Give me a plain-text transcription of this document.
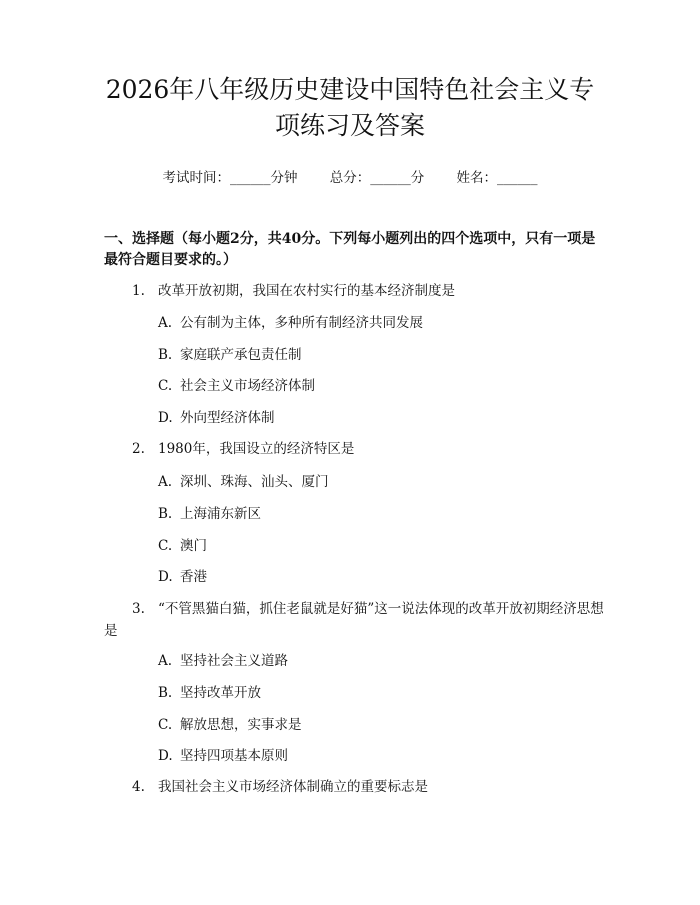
2026年八年级历史建设中国特色社会主义专
项练习及答案
考试时间：______分钟 总分：______分 姓名：______

一、选择题（每小题2分，共40分。下列每小题列出的四个选项中，只有一项是最符合题目要求的。）

1. 改革开放初期，我国在农村实行的基本经济制度是

A. 公有制为主体，多种所有制经济共同发展

B. 家庭联产承包责任制

C. 社会主义市场经济体制

D. 外向型经济体制

2. 1980年，我国设立的经济特区是

A. 深圳、珠海、汕头、厦门

B. 上海浦东新区

C. 澳门

D. 香港

3. “不管黑猫白猫，抓住老鼠就是好猫”这一说法体现的改革开放初期经济思想是

A. 坚持社会主义道路

B. 坚持改革开放

C. 解放思想，实事求是

D. 坚持四项基本原则

4. 我国社会主义市场经济体制确立的重要标志是
